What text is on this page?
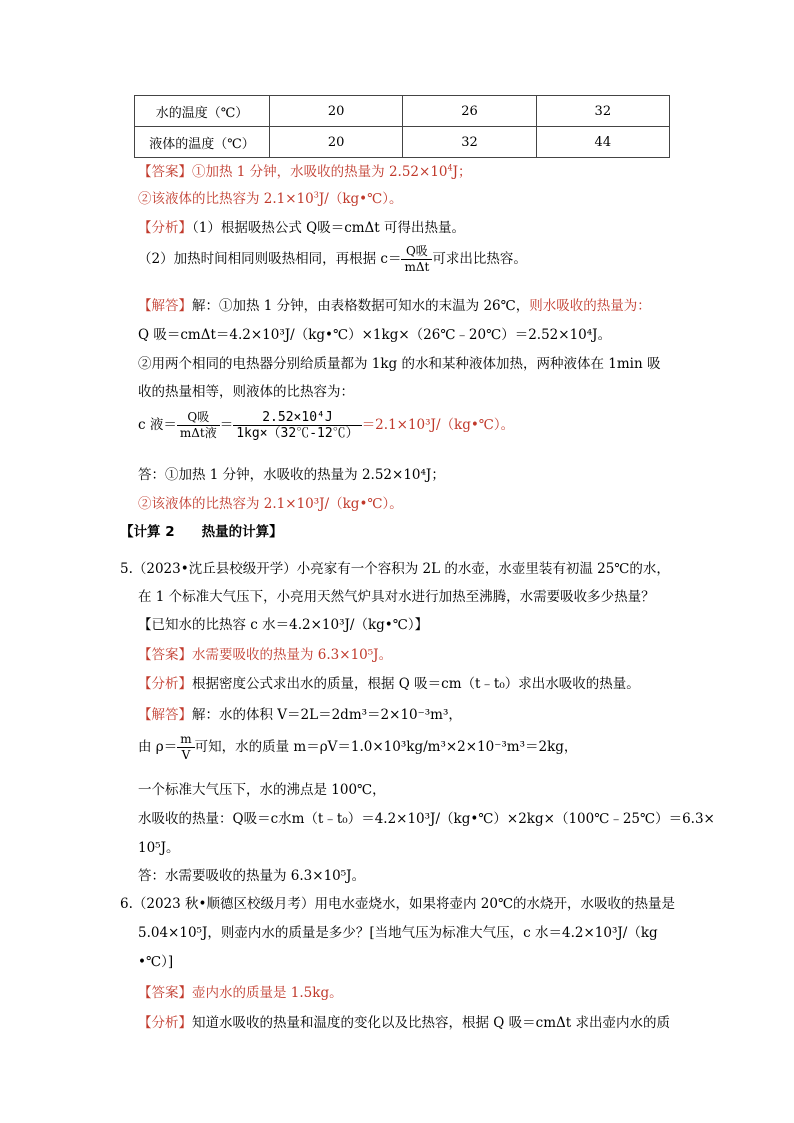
水的温度（℃）	20	26	32
液体的温度（℃）	20	32	44
【答案】①加热 1 分钟，水吸收的热量为 $2.52\times 10^4J$；
②该液体的比热容为 $2.1\times 10^3J/(kg•℃)$。
【分析】（1）根据吸热公式 Q吸＝cmΔt 可得出热量。
（2）加热时间相同则吸热相同，再根据 $c= \frac{\text{Q吸}}{\text{mΔt}}$ 可求出比热容。
【解答】解：①加热 1 分钟，由表格数据可知水的末温为 26℃，则水吸收的热量为：
Q 吸＝cmΔt＝4.2×10³J/（kg•℃）×1kg×（26℃﹣20℃）＝2.52×10⁴J。
②用两个相同的电热器分别给质量都为 1kg 的水和某种液体加热，两种液体在 1min 吸
收的热量相等，则液体的比热容为：
c 液＝ $\frac{\text{Q吸}}{\text{mΔt液}} = \frac{\text{2.52×10⁴J}}{1kg\times(32℃-12℃)}$ ＝2.1×10³J/（kg•℃）。
答：①加热 1 分钟，水吸收的热量为 2.52×10⁴J；
②该液体的比热容为 2.1×10³J/（kg•℃）。
【计算 2　　热量的计算】
5.（2023•沈丘县校级开学）小亮家有一个容积为 2L 的水壶，水壶里装有初温 25℃的水，
在 1 个标准大气压下，小亮用天然气炉具对水进行加热至沸腾，水需要吸收多少热量？
【已知水的比热容 c 水＝4.2×10³J/（kg•℃）】
【答案】水需要吸收的热量为 6.3×10⁵J。
【分析】根据密度公式求出水的质量，根据 Q 吸＝cm（t﹣t₀）求出水吸收的热量。
【解答】解：水的体积 V＝2L＝2dm³＝2×10⁻³m³，
由 $\rho= \frac{m}{V}$ 可知，水的质量 m＝ρV＝1.0×10³kg/m³×2×10⁻³m³＝2kg，
一个标准大气压下，水的沸点是 100℃，
水吸收的热量：Q吸＝c水m（t﹣t₀）＝4.2×10³J/（kg•℃）×2kg×（100℃﹣25℃）＝6.3×
10⁵J。
答：水需要吸收的热量为 6.3×10⁵J。
6.（2023 秋•顺德区校级月考）用电水壶烧水，如果将壶内 20℃的水烧开，水吸收的热量是
5.04×10⁵J，则壶内水的质量是多少？[当地气压为标准大气压，c 水＝4.2×10³J/（kg
•℃）]
【答案】壶内水的质量是 1.5kg。
【分析】知道水吸收的热量和温度的变化以及比热容，根据 Q 吸＝cmΔt 求出壶内水的质
